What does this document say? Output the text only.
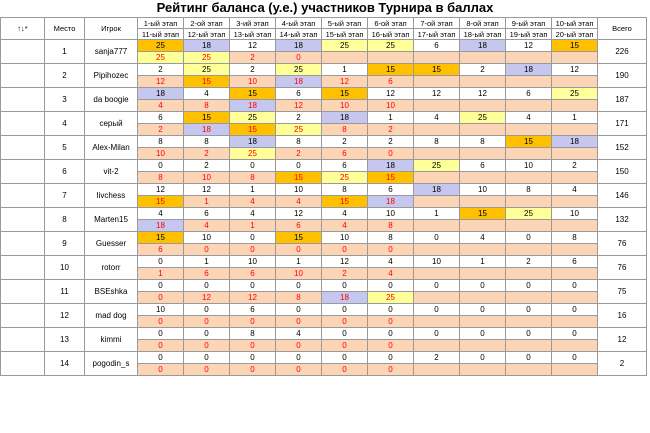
Рейтинг баланса (у.е.) участников Турнира в баллах
↑↓*	Место	Игрок	1-ый этап	2-ой этап	3-ий этап	4-ый этап	5-ый этап	6-ой этап	7-ой этап	8-ой этап	9-ый этап	10-ый этап	Всего
			11-ый этап	12-ый этап	13-ый этап	14-ый этап	15-ый этап	16-ый этап	17-ый этап	18-ый этап	19-ый этап	20-ый этап	
	1	sanja777	25	18	12	18	25	25	6	18	12	15	226
			25	25	2	0							
	2	Pipihozec	2	25	2	25	1	15	15	2	18	12	190
			12	15	10	18	12	6					
	3	da boogie	18	4	15	6	15	12	12	12	6	25	187
			4	8	18	12	10	10					
	4	серый	6	15	25	2	18	1	4	25	4	1	171
			2	18	15	25	8	2					
	5	Alex-Milan	8	8	18	8	2	2	8	8	15	18	152
			10	2	25	2	6	0					
	6	vit-2	0	2	0	0	6	18	25	6	10	2	150
			8	10	8	15	25	15					
	7	livchess	12	12	1	10	8	6	18	10	8	4	146
			15	1	4	4	15	18					
	8	Marten15	4	6	4	12	4	10	1	15	25	10	132
			18	4	1	6	4	8					
	9	Guesser	15	10	0	15	10	8	0	4	0	8	76
			6	0	0	0	0	0					
	10	rotorr	0	1	10	1	12	4	10	1	2	6	76
			1	6	6	10	2	4					
	11	BSEshka	0	0	0	0	0	0	0	0	0	0	75
			0	12	12	8	18	25					
	12	mad dog	10	0	6	0	0	0	0	0	0	0	16
			0	0	0	0	0	0					
	13	kimmi	0	0	8	4	0	0	0	0	0	0	12
			0	0	0	0	0	0					
	14	pogodin_s	0	0	0	0	0	0	2	0	0	0	2
			0	0	0	0	0	0					
